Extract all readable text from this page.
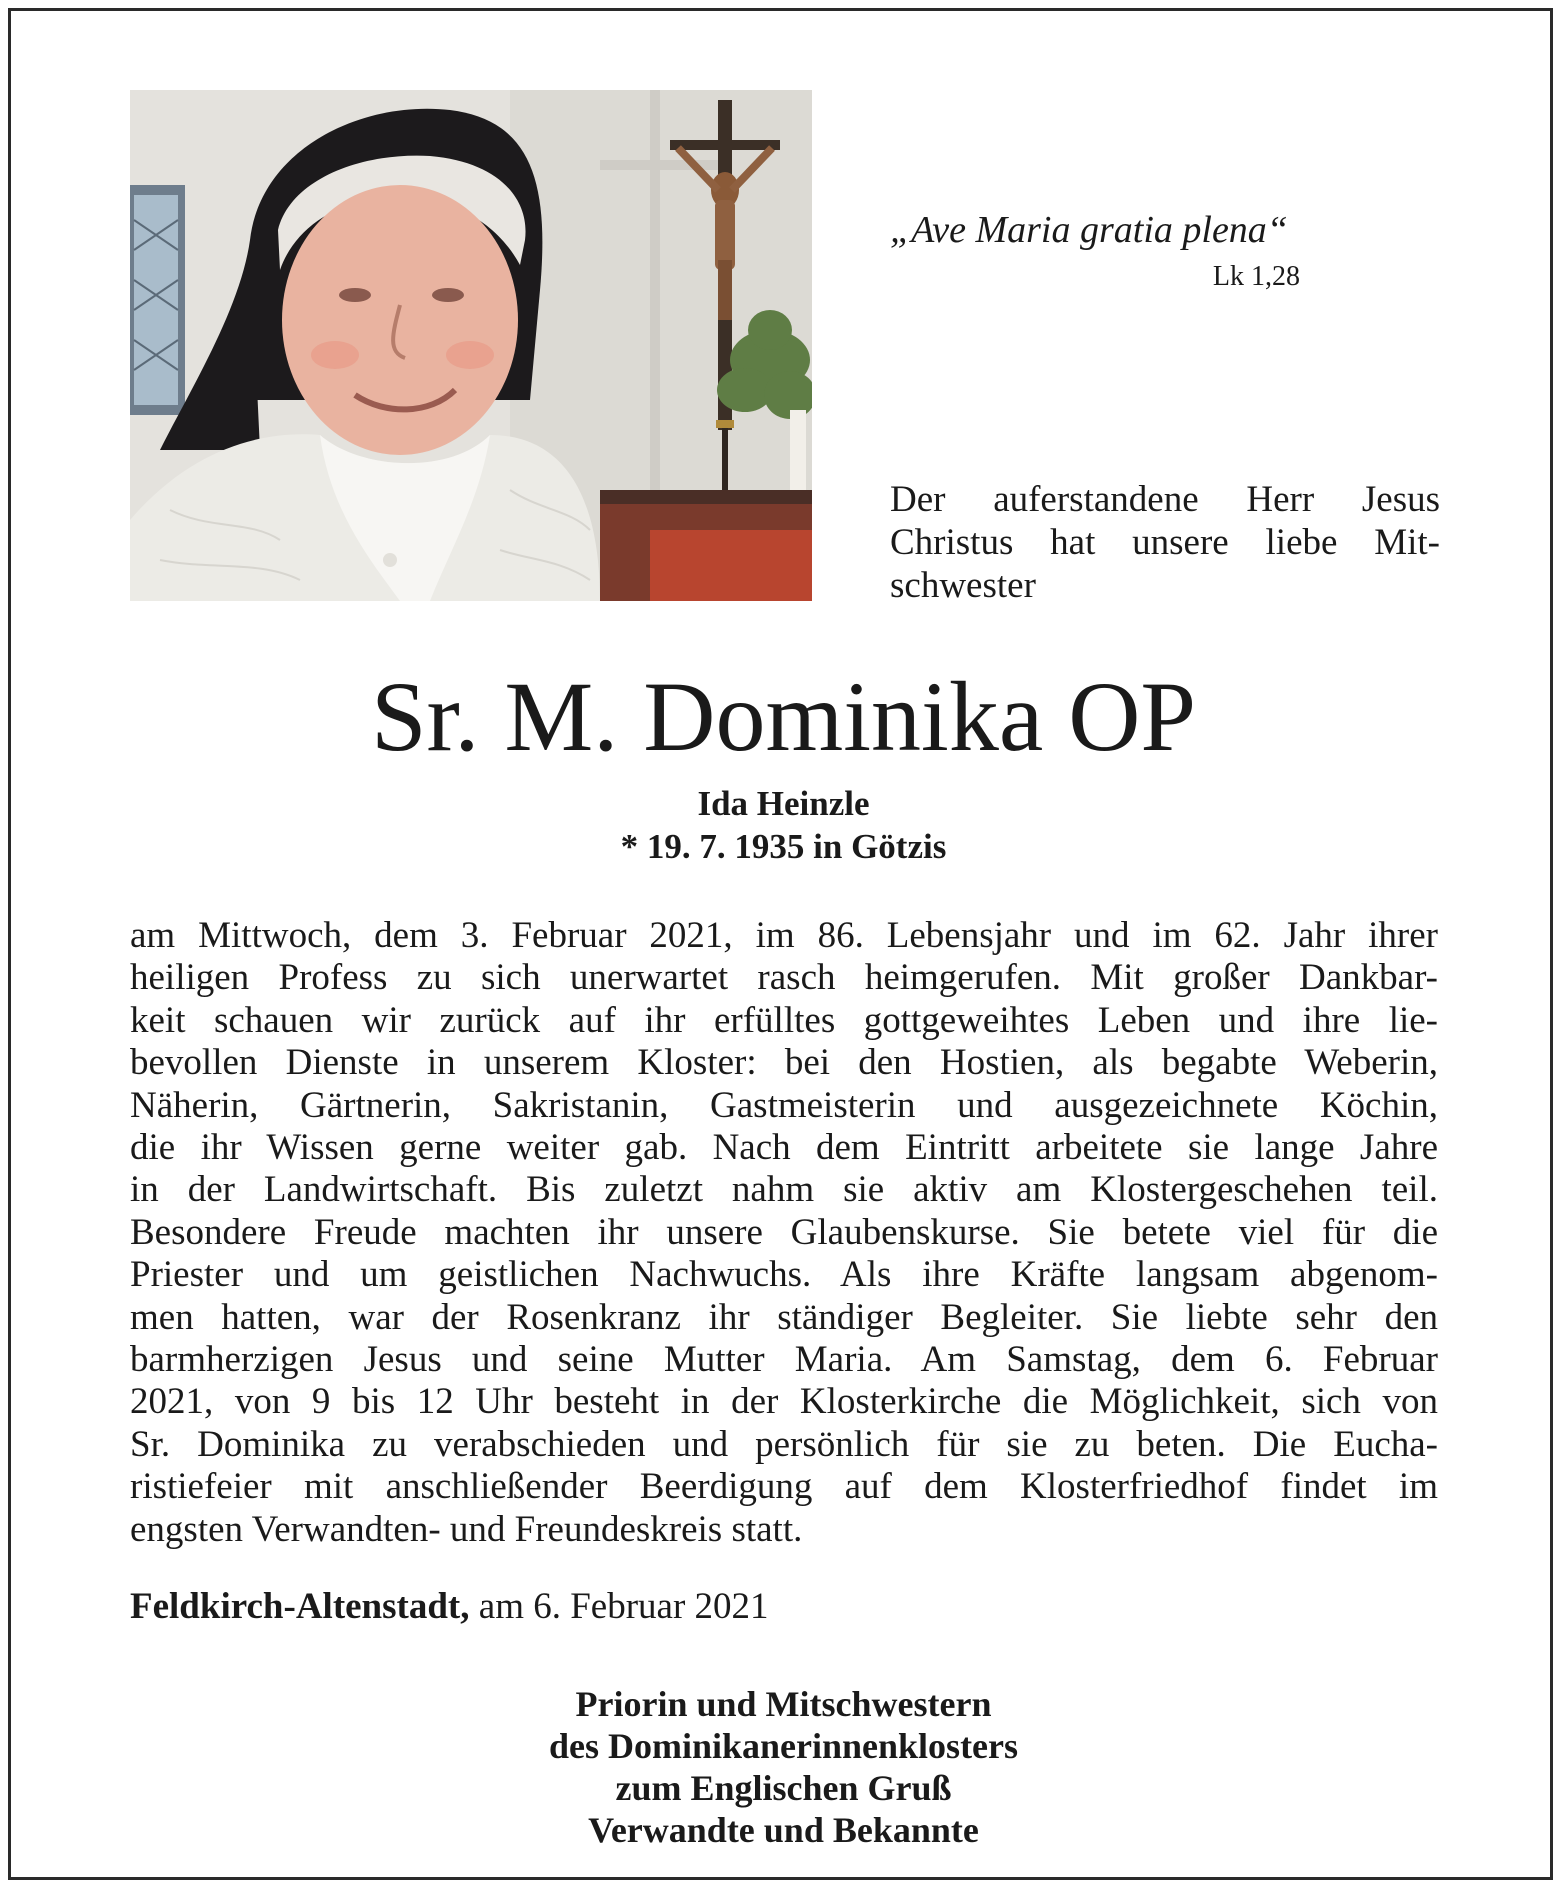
„Ave Maria gratia plena“
Lk 1,28
Der auferstandene Herr Jesus
Christus hat unsere liebe Mit-
schwester
Sr. M. Dominika OP
Ida Heinzle
* 19. 7. 1935 in Götzis
am Mittwoch, dem 3. Februar 2021, im 86. Lebensjahr und im 62. Jahr ihrer
heiligen Profess zu sich unerwartet rasch heimgerufen. Mit großer Dankbar-
keit schauen wir zurück auf ihr erfülltes gottgeweihtes Leben und ihre lie-
bevollen Dienste in unserem Kloster: bei den Hostien, als begabte Weberin,
Näherin, Gärtnerin, Sakristanin, Gastmeisterin und ausgezeichnete Köchin,
die ihr Wissen gerne weiter gab. Nach dem Eintritt arbeitete sie lange Jahre
in der Landwirtschaft. Bis zuletzt nahm sie aktiv am Klostergeschehen teil.
Besondere Freude machten ihr unsere Glaubenskurse. Sie betete viel für die
Priester und um geistlichen Nachwuchs. Als ihre Kräfte langsam abgenom-
men hatten, war der Rosenkranz ihr ständiger Begleiter. Sie liebte sehr den
barmherzigen Jesus und seine Mutter Maria. Am Samstag, dem 6. Februar
2021, von 9 bis 12 Uhr besteht in der Klosterkirche die Möglichkeit, sich von
Sr. Dominika zu verabschieden und persönlich für sie zu beten. Die Eucha-
ristiefeier mit anschließender Beerdigung auf dem Klosterfriedhof findet im
engsten Verwandten- und Freundeskreis statt.
Feldkirch-Altenstadt, am 6. Februar 2021
Priorin und Mitschwestern
des Dominikanerinnenklosters
zum Englischen Gruß
Verwandte und Bekannte
